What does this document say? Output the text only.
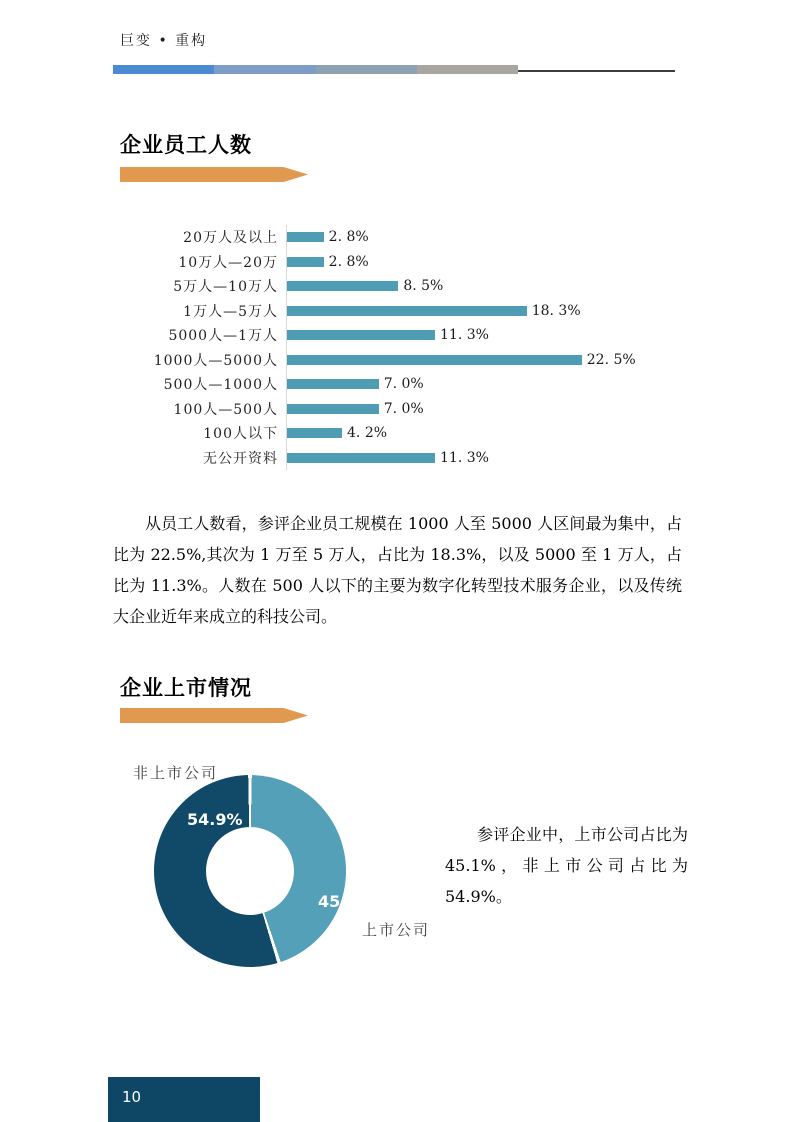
巨变 • 重构
企业员工人数
20万人及以上	2. 8%
10万人—20万	2. 8%
5万人—10万人	8. 5%
1万人—5万人	18. 3%
5000人—1万人	11. 3%
1000人—5000人	22. 5%
500人—1000人	7. 0%
100人—500人	7. 0%
100人以下	4. 2%
无公开资料	11. 3%

从员工人数看，参评企业员工规模在 1000 人至 5000 人区间最为集中，占比为 22.5%,其次为 1 万至 5 万人，占比为 18.3%，以及 5000 至 1 万人，占比为 11.3%。人数在 500 人以下的主要为数字化转型技术服务企业，以及传统大企业近年来成立的科技公司。

企业上市情况
非上市公司
54.9%
45.1%
上市公司

参评企业中，上市公司占比为 45.1%，非上市公司占比为 54.9%。

10
